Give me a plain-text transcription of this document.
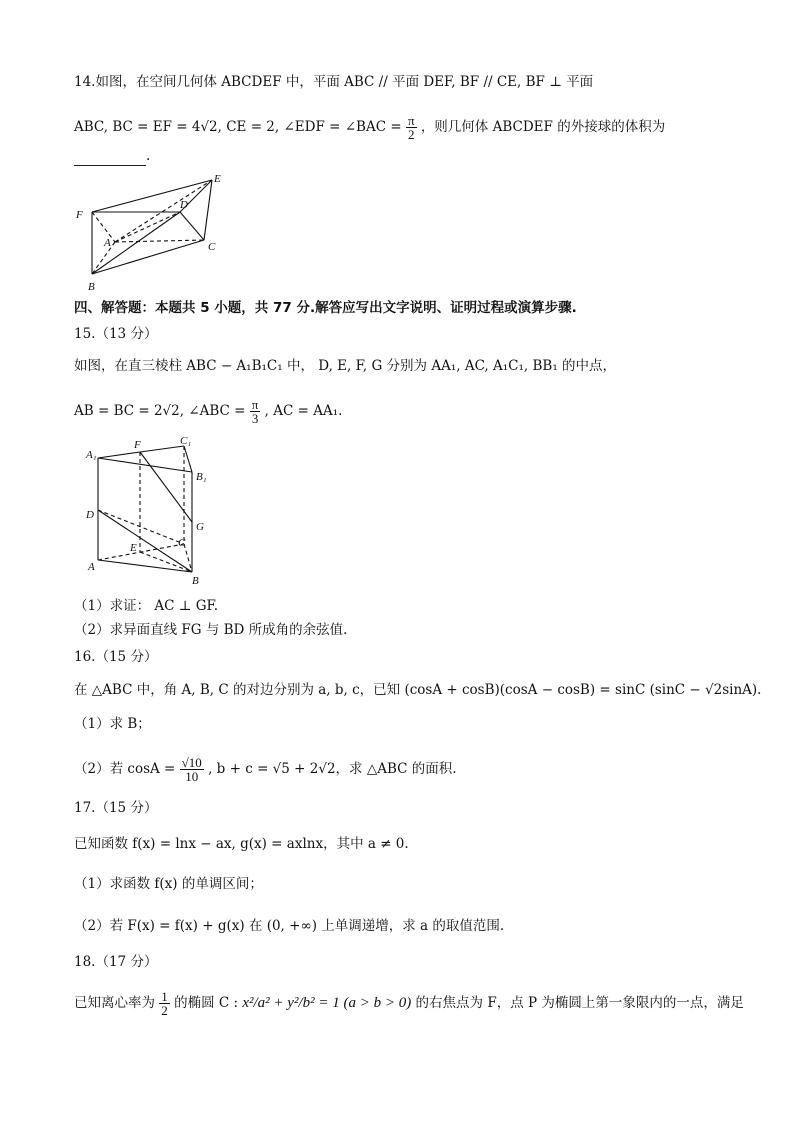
14.如图，在空间几何体 ABCDEF 中，平面 ABC // 平面 DEF, BF // CE, BF ⊥ 平面
ABC, BC = EF = 4√2, CE = 2, ∠EDF = ∠BAC = $\frac{\pi}{2}$ ，则几何体 ABCDEF 的外接球的体积为
.
E
F
D
A	C
B
四、解答题：本题共 5 小题，共 77 分.解答应写出文字说明、证明过程或演算步骤.
15.（13 分）
如图，在直三棱柱 ABC − A₁B₁C₁ 中， D, E, F, G 分别为 AA₁, AC, A₁C₁, BB₁ 的中点，
AB = BC = 2√2, ∠ABC = $\frac{\pi}{3}$ , AC = AA₁.
A₁
F	C₁
B₁
D
G
E	C
A
B
（1）求证： AC ⊥ GF.
（2）求异面直线 FG 与 BD 所成角的余弦值.
16.（15 分）
在 △ABC 中，角 A, B, C 的对边分别为 a, b, c，已知 (cosA + cosB)(cosA − cosB) = sinC (sinC − √2sinA).
（1）求 B；
（2）若 $\cos A = \frac{√10}{10}$ , b + c = √5 + 2√2，求 △ABC 的面积.
17.（15 分）
已知函数 f(x) = lnx − ax, g(x) = axlnx，其中 a ≠ 0.
（1）求函数 f(x) 的单调区间；
（2）若 F(x) = f(x) + g(x) 在 (0, +∞) 上单调递增，求 a 的取值范围.
18.（17 分）
已知离心率为 $\frac{1}{2}$ 的椭圆 C : x²/a² + y²/b² = 1 (a > b > 0) 的右焦点为 F，点 P 为椭圆上第一象限内的一点，满足
